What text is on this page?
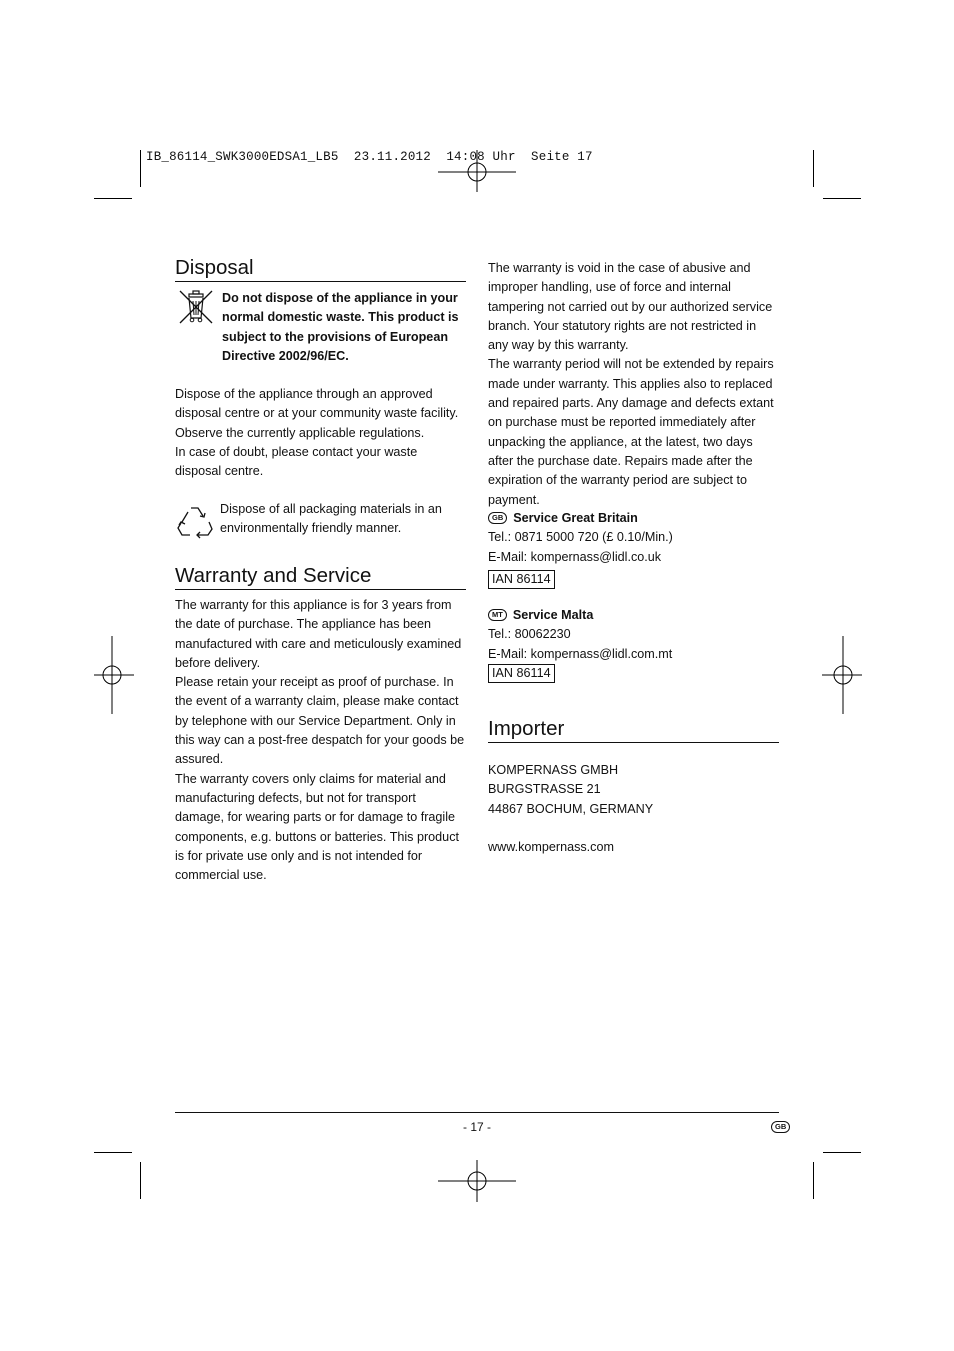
IB_86114_SWK3000EDSA1_LB5  23.11.2012  14:08 Uhr  Seite 17
Disposal

Do not dispose of the appliance in your normal domestic waste. This product is subject to the provisions of European Directive 2002/96/EC.

Dispose of the appliance through an approved disposal centre or at your community waste facility.

Observe the currently applicable regulations.

In case of doubt, please contact your waste disposal centre.

Dispose of all packaging materials in an environmentally friendly manner.

Warranty and Service

The warranty for this appliance is for 3 years from the date of purchase. The appliance has been manufactured with care and meticulously examined before delivery.

Please retain your receipt as proof of purchase. In the event of a warranty claim, please make contact by telephone with our Service Department. Only in this way can a post-free despatch for your goods be assured.

The warranty covers only claims for material and manufacturing defects, but not for transport damage, for wearing parts or for damage to fragile components, e.g. buttons or batteries. This product is for private use only and is not intended for commercial use.

The warranty is void in the case of abusive and improper handling, use of force and internal tampering not carried out by our authorized service branch. Your statutory rights are not restricted in any way by this warranty.

The warranty period will not be extended by repairs made under warranty. This applies also to replaced and repaired parts. Any damage and defects extant on purchase must be reported immediately after unpacking the appliance, at the latest, two days after the purchase date. Repairs made after the expiration of the warranty period are subject to payment.

GB Service Great Britain

Tel.: 0871 5000 720 (£ 0.10/Min.)

E-Mail: kompernass@lidl.co.uk

IAN 86114

MT Service Malta

Tel.: 80062230

E-Mail: kompernass@lidl.com.mt

IAN 86114
Importer

KOMPERNASS GMBH

BURGSTRASSE 21

44867 BOCHUM, GERMANY

www.kompernass.com

- 17 -	GB
